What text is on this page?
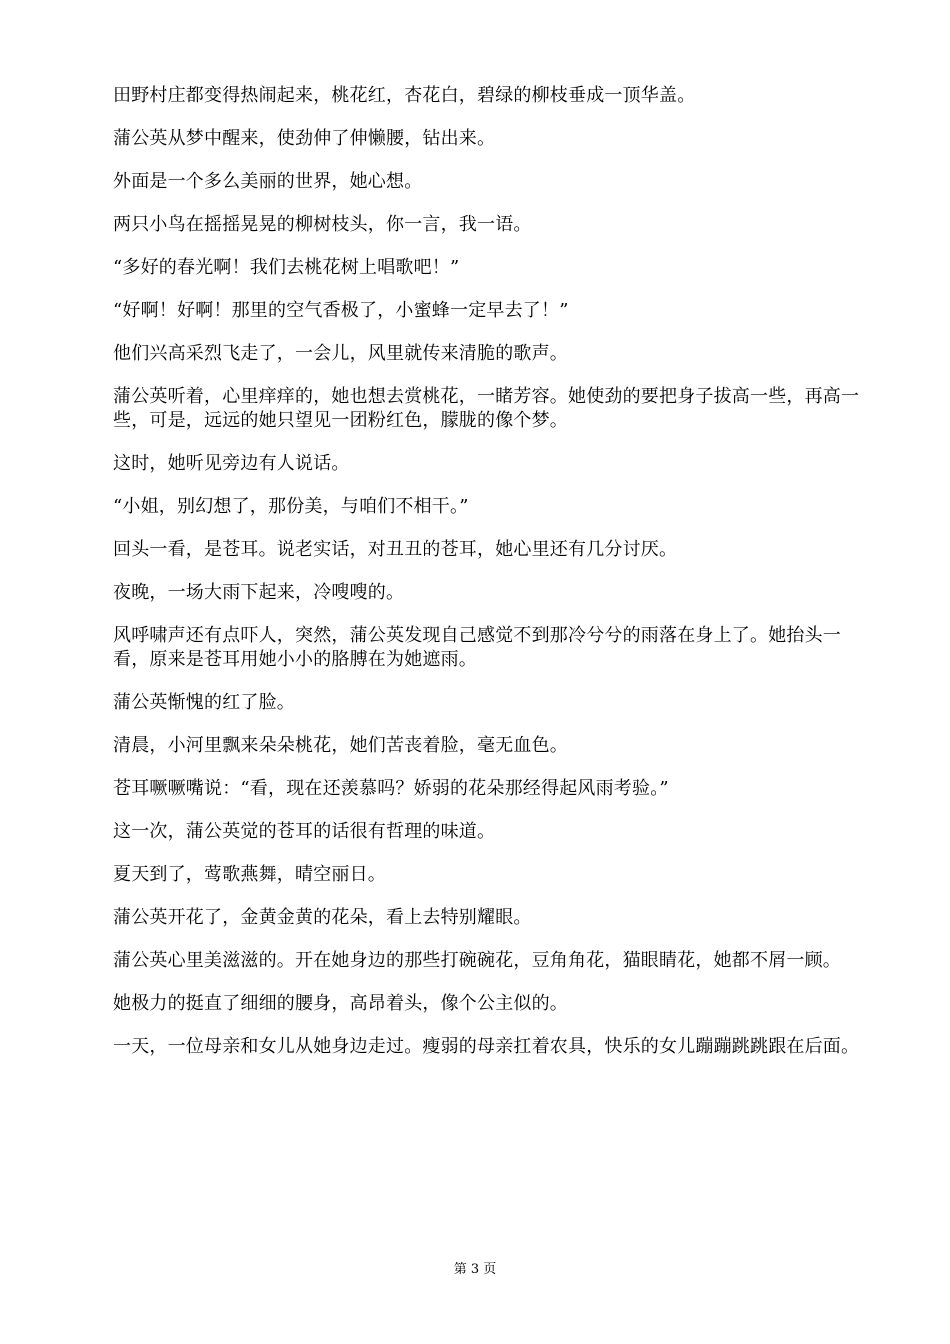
田野村庄都变得热闹起来，桃花红，杏花白，碧绿的柳枝垂成一顶华盖。

蒲公英从梦中醒来，使劲伸了伸懒腰，钻出来。

外面是一个多么美丽的世界，她心想。

两只小鸟在摇摇晃晃的柳树枝头，你一言，我一语。

“多好的春光啊！我们去桃花树上唱歌吧！”

“好啊！好啊！那里的空气香极了，小蜜蜂一定早去了！”

他们兴高采烈飞走了，一会儿，风里就传来清脆的歌声。

蒲公英听着，心里痒痒的，她也想去赏桃花，一睹芳容。她使劲的要把身子拔高一些，再高一些，可是，远远的她只望见一团粉红色，朦胧的像个梦。

这时，她听见旁边有人说话。

“小姐，别幻想了，那份美，与咱们不相干。”

回头一看，是苍耳。说老实话，对丑丑的苍耳，她心里还有几分讨厌。

夜晚，一场大雨下起来，冷嗖嗖的。

风呼啸声还有点吓人，突然，蒲公英发现自己感觉不到那冷兮兮的雨落在身上了。她抬头一看，原来是苍耳用她小小的胳膊在为她遮雨。

蒲公英惭愧的红了脸。

清晨，小河里飘来朵朵桃花，她们苦丧着脸，毫无血色。

苍耳噘噘嘴说：“看，现在还羡慕吗？娇弱的花朵那经得起风雨考验。”

这一次，蒲公英觉的苍耳的话很有哲理的味道。

夏天到了，莺歌燕舞，晴空丽日。

蒲公英开花了，金黄金黄的花朵，看上去特别耀眼。

蒲公英心里美滋滋的。开在她身边的那些打碗碗花，豆角角花，猫眼睛花，她都不屑一顾。

她极力的挺直了细细的腰身，高昂着头，像个公主似的。

一天，一位母亲和女儿从她身边走过。瘦弱的母亲扛着农具，快乐的女儿蹦蹦跳跳跟在后面。

第 3 页
